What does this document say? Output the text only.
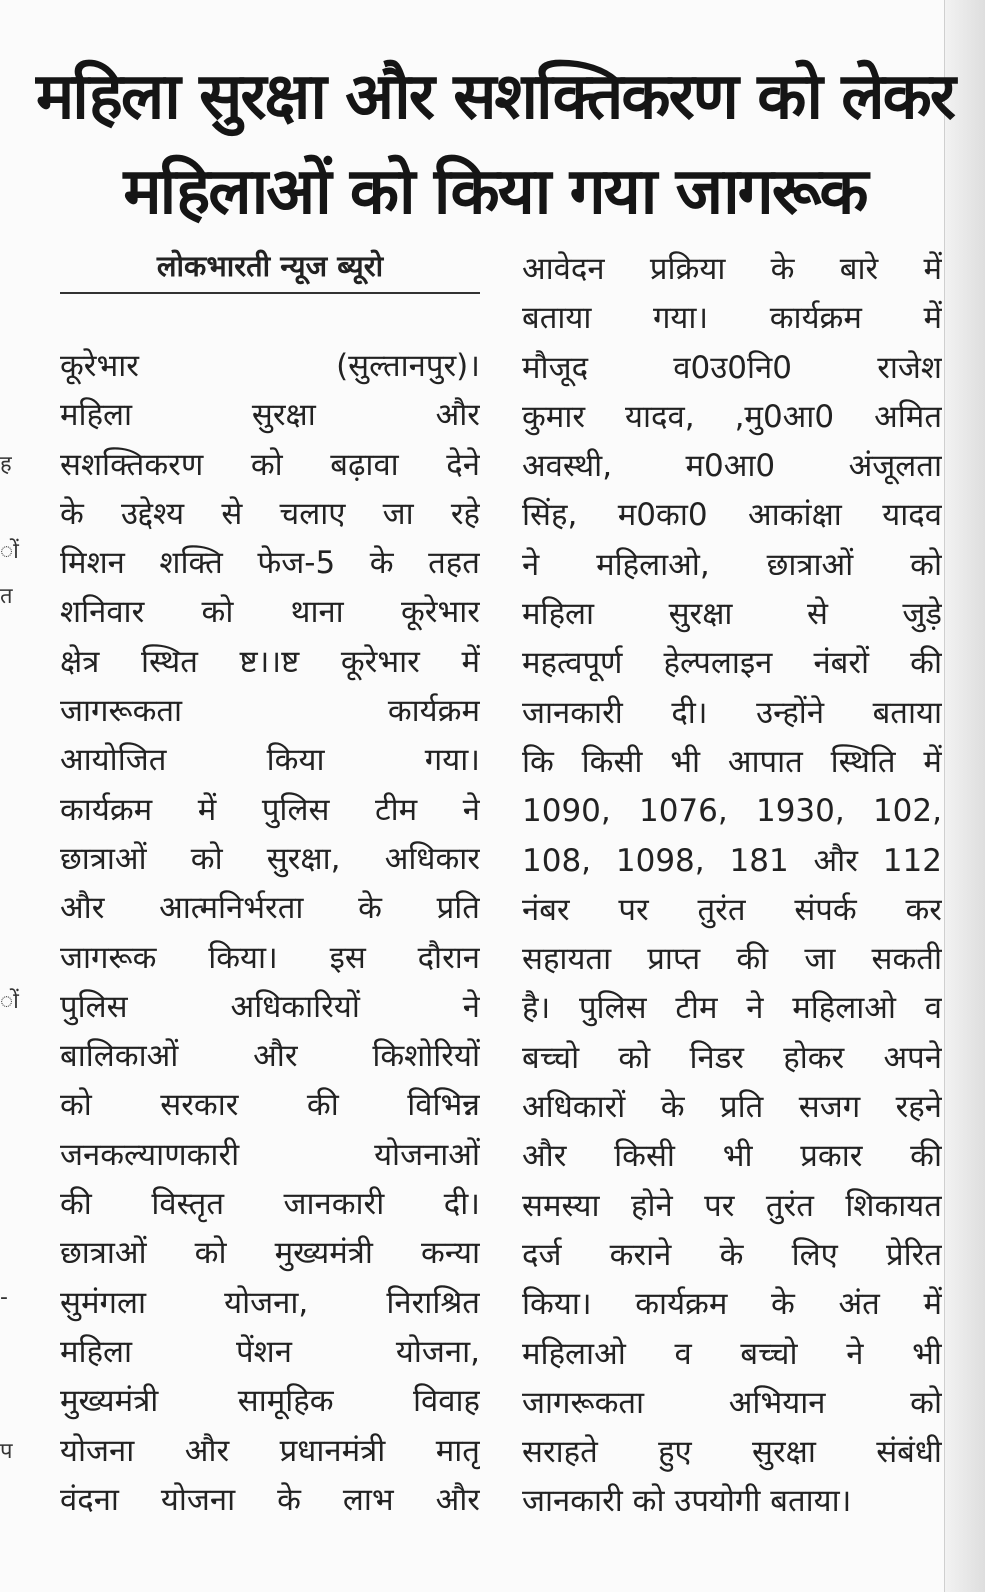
ह
ों
त
ों
-
प
महिला सुरक्षा और सशक्तिकरण को लेकर
महिलाओं को किया गया जागरूक
लोकभारती न्यूज ब्यूरो
कूरेभार	(सुल्तानपुर)।
महिला	सुरक्षा	और
सशक्तिकरण को बढ़ावा देने
के उद्देश्य से चलाए जा रहे
मिशन शक्ति फेज-5 के तहत
शनिवार को थाना कूरेभार
क्षेत्र स्थित ष्ट।।ष्ट कूरेभार में
जागरूकता	कार्यक्रम
आयोजित	किया	गया।
कार्यक्रम में पुलिस टीम ने
छात्राओं को सुरक्षा, अधिकार
और आत्मनिर्भरता के प्रति
जागरूक किया। इस दौरान
पुलिस	अधिकारियों	ने
बालिकाओं और किशोरियों
को सरकार की विभिन्न
जनकल्याणकारी	योजनाओं
की विस्तृत जानकारी दी।
छात्राओं को मुख्यमंत्री कन्या
सुमंगला	योजना,	निराश्रित
महिला	पेंशन	योजना,
मुख्यमंत्री	सामूहिक	विवाह
योजना और प्रधानमंत्री मातृ
वंदना योजना के लाभ और
आवेदन प्रक्रिया के बारे में
बताया गया। कार्यक्रम में
मौजूद	व0उ0नि0	राजेश
कुमार यादव, ,मु0आ0 अमित
अवस्थी, म0आ0 अंजूलता
सिंह, म0का0 आकांक्षा यादव
ने महिलाओ, छात्राओं को
महिला सुरक्षा से जुड़े
महत्वपूर्ण हेल्पलाइन नंबरों की
जानकारी दी। उन्होंने बताया
कि किसी भी आपात स्थिति में
1090, 1076, 1930, 102,
108, 1098, 181 और 112
नंबर पर तुरंत संपर्क कर
सहायता प्राप्त की जा सकती
है। पुलिस टीम ने महिलाओ व
बच्चो को निडर होकर अपने
अधिकारों के प्रति सजग रहने
और किसी भी प्रकार की
समस्या होने पर तुरंत शिकायत
दर्ज कराने के लिए प्रेरित
किया। कार्यक्रम के अंत में
महिलाओ व बच्चो ने भी
जागरूकता	अभियान	को
सराहते हुए सुरक्षा संबंधी
जानकारी को उपयोगी बताया।
